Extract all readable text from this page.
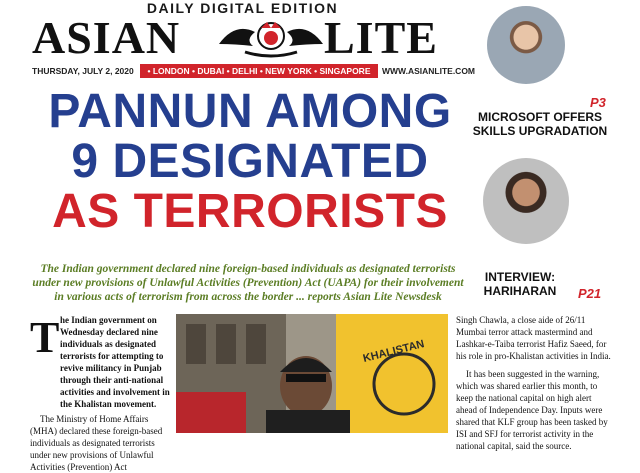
DAILY DIGITAL EDITION
ASIAN	LITE
THURSDAY, JULY 2, 2020	• LONDON • DUBAI • DELHI • NEW YORK • SINGAPORE	WWW.ASIANLITE.COM
PANNUN AMONG
9 DESIGNATED
AS TERRORISTS
P3
MICROSOFT OFFERS
SKILLS UPGRADATION
INTERVIEW:
HARIHARAN	P21
The Indian government declared nine foreign-based individuals as designated terrorists under new provisions of Unlawful Activities (Prevention) Act (UAPA) for their involvement in various acts of terrorism from across the border ... reports Asian Lite Newsdesk
T he Indian government on Wednesday declared nine individuals as designated terrorists for attempting to revive militancy in Punjab through their anti-national activities and involvement in the Khalistan movement.
The Ministry of Home Affairs (MHA) declared these foreign-based individuals as designated terrorists under new provisions of Unlawful Activities (Prevention) Act
KHALISTAN
Singh Chawla, a close aide of 26/11 Mumbai terror attack mastermind and Lashkar-e-Taiba terrorist Hafiz Saeed, for his role in pro-Khalistan activities in India.
It has been suggested in the warning, which was shared earlier this month, to keep the national capital on high alert ahead of Independence Day. Inputs were shared that KLF group has been tasked by ISI and SFJ for terrorist activity in the national capital, said the source.
